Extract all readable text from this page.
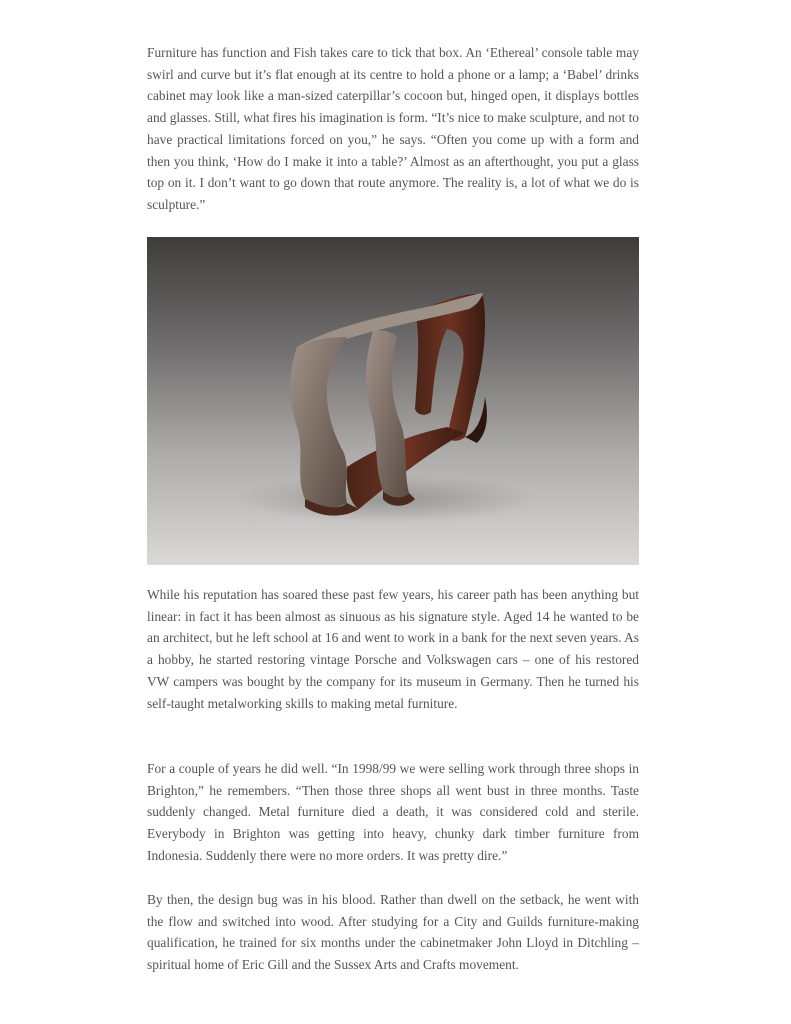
Furniture has function and Fish takes care to tick that box. An ‘Ethereal’ console table may swirl and curve but it’s flat enough at its centre to hold a phone or a lamp; a ‘Babel’ drinks cabinet may look like a man-sized caterpillar’s cocoon but, hinged open, it displays bottles and glasses. Still, what fires his imagination is form. “It’s nice to make sculpture, and not to have practical limitations forced on you,” he says. “Often you come up with a form and then you think, ‘How do I make it into a table?’ Almost as an afterthought, you put a glass top on it. I don’t want to go down that route anymore. The reality is, a lot of what we do is sculpture.”

While his reputation has soared these past few years, his career path has been anything but linear: in fact it has been almost as sinuous as his signature style. Aged 14 he wanted to be an architect, but he left school at 16 and went to work in a bank for the next seven years. As a hobby, he started restoring vintage Porsche and Volkswagen cars – one of his restored VW campers was bought by the company for its museum in Germany. Then he turned his self-taught metalworking skills to making metal furniture.

For a couple of years he did well. “In 1998/99 we were selling work through three shops in Brighton,” he remembers. “Then those three shops all went bust in three months. Taste suddenly changed. Metal furniture died a death, it was considered cold and sterile. Everybody in Brighton was getting into heavy, chunky dark timber furniture from Indonesia. Suddenly there were no more orders. It was pretty dire.”

By then, the design bug was in his blood. Rather than dwell on the setback, he went with the flow and switched into wood. After studying for a City and Guilds furniture-making qualification, he trained for six months under the cabinetmaker John Lloyd in Ditchling – spiritual home of Eric Gill and the Sussex Arts and Crafts movement.
